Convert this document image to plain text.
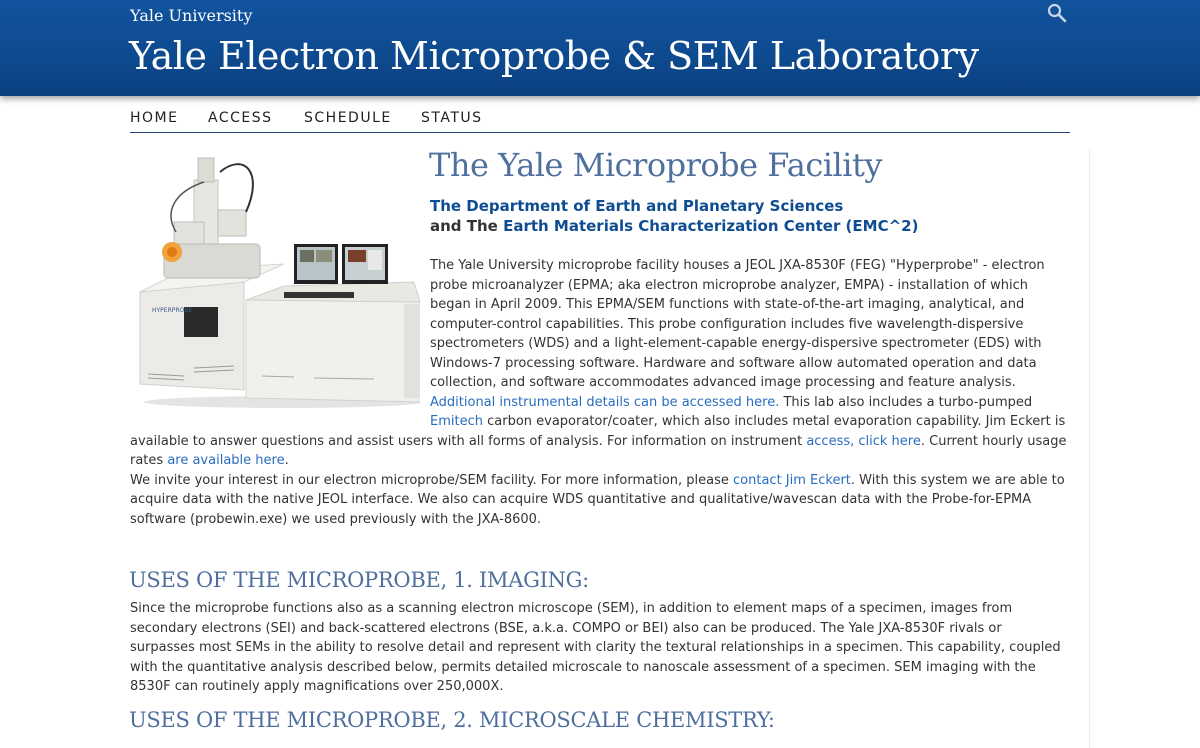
Yale University
Yale Electron Microprobe & SEM Laboratory
HOME ACCESS SCHEDULE STATUS
HYPERPROBE
The Yale Microprobe Facility
The Department of Earth and Planetary Sciences
and The Earth Materials Characterization Center (EMC^2)

The Yale University microprobe facility houses a JEOL JXA-8530F (FEG) "Hyperprobe" - electron probe microanalyzer (EPMA; aka electron microprobe analyzer, EMPA) - installation of which began in April 2009. This EPMA/SEM functions with state-of-the-art imaging, analytical, and computer-control capabilities. This probe configuration includes five wavelength-dispersive spectrometers (WDS) and a light-element-capable energy-dispersive spectrometer (EDS) with Windows-7 processing software. Hardware and software allow automated operation and data collection, and software accommodates advanced image processing and feature analysis. Additional instrumental details can be accessed here. This lab also includes a turbo-pumped

Emitech carbon evaporator/coater, which also includes metal evaporation capability. Jim Eckert is available to answer questions and assist users with all forms of analysis. For information on instrument access, click here. Current hourly usage rates are available here.

We invite your interest in our electron microprobe/SEM facility. For more information, please contact Jim Eckert. With this system we are able to acquire data with the native JEOL interface. We also can acquire WDS quantitative and qualitative/wavescan data with the Probe-for-EPMA software (probewin.exe) we used previously with the JXA-8600.

USES OF THE MICROPROBE, 1. IMAGING:

Since the microprobe functions also as a scanning electron microscope (SEM), in addition to element maps of a specimen, images from secondary electrons (SEI) and back-scattered electrons (BSE, a.k.a. COMPO or BEI) also can be produced. The Yale JXA-8530F rivals or surpasses most SEMs in the ability to resolve detail and represent with clarity the textural relationships in a specimen. This capability, coupled with the quantitative analysis described below, permits detailed microscale to nanoscale assessment of a specimen. SEM imaging with the 8530F can routinely apply magnifications over 250,000X.

USES OF THE MICROPROBE, 2. MICROSCALE CHEMISTRY:
